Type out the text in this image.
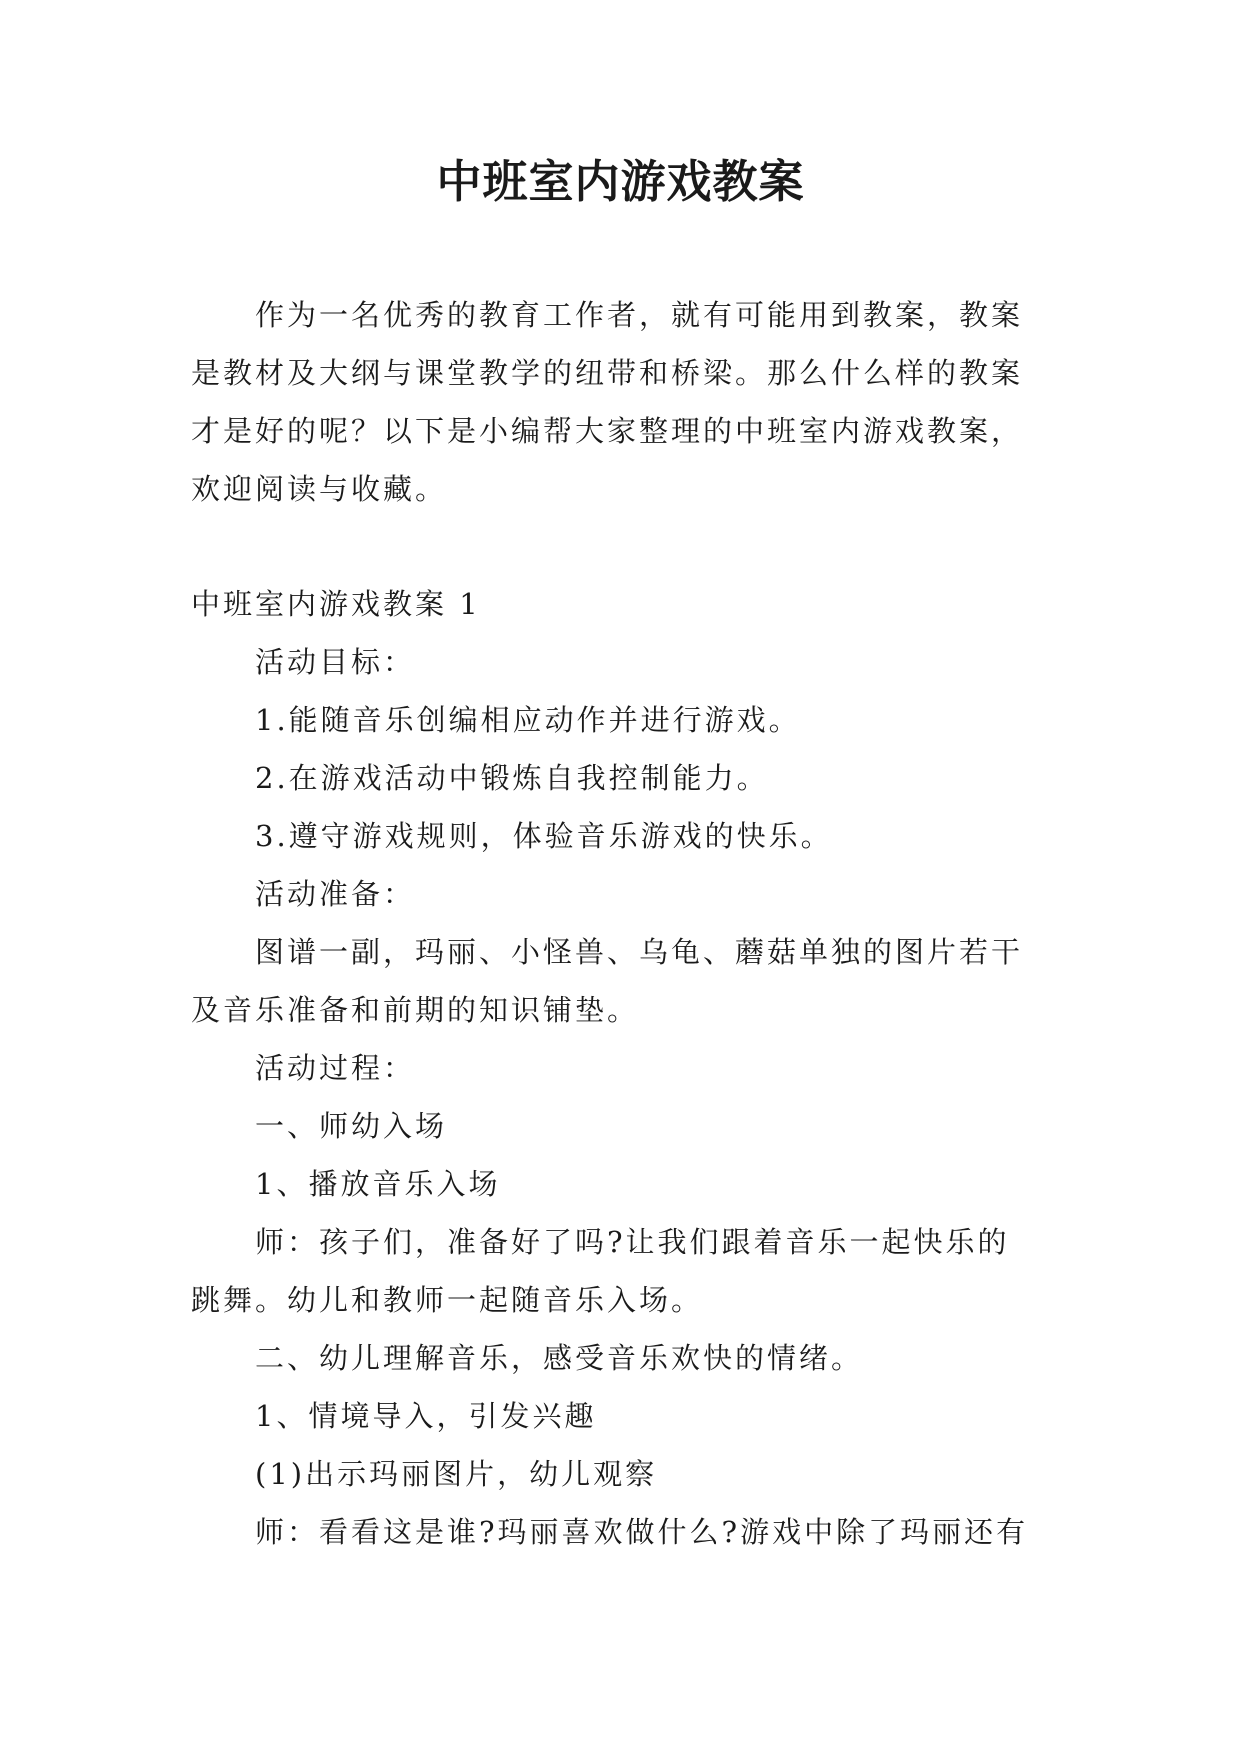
中班室内游戏教案
作为一名优秀的教育工作者，就有可能用到教案，教案
是教材及大纲与课堂教学的纽带和桥梁。那么什么样的教案
才是好的呢？以下是小编帮大家整理的中班室内游戏教案，
欢迎阅读与收藏。
中班室内游戏教案 1
活动目标：
1.能随音乐创编相应动作并进行游戏。
2.在游戏活动中锻炼自我控制能力。
3.遵守游戏规则，体验音乐游戏的快乐。
活动准备：
图谱一副，玛丽、小怪兽、乌龟、蘑菇单独的图片若干
及音乐准备和前期的知识铺垫。
活动过程：
一、师幼入场
1、播放音乐入场
师：孩子们，准备好了吗?让我们跟着音乐一起快乐的
跳舞。幼儿和教师一起随音乐入场。
二、幼儿理解音乐，感受音乐欢快的情绪。
1、情境导入，引发兴趣
(1)出示玛丽图片，幼儿观察
师：看看这是谁?玛丽喜欢做什么?游戏中除了玛丽还有
